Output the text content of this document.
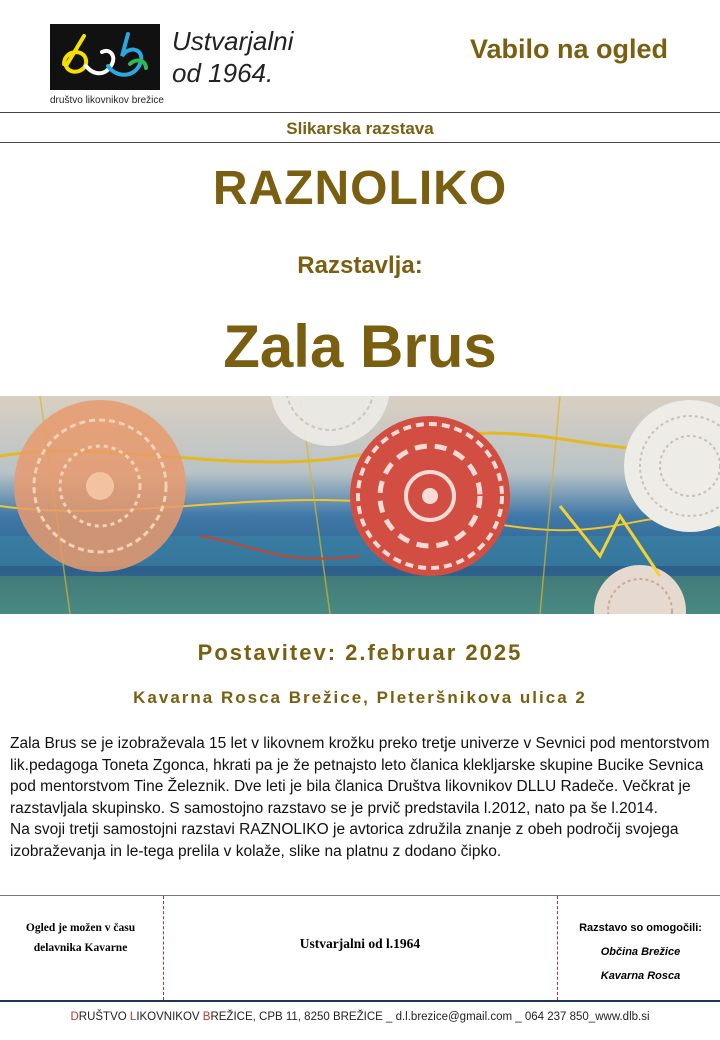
Ustvarjalni
od 1964.
društvo likovnikov brežice
Vabilo na ogled
Slikarska razstava
RAZNOLIKO
Razstavlja:
Zala Brus
Postavitev: 2.februar 2025
Kavarna Rosca Brežice, Pleteršnikova ulica 2

Zala Brus se je izobraževala 15 let v likovnem krožku preko tretje univerze v Sevnici pod mentorstvom lik.pedagoga Toneta Zgonca, hkrati pa je že petnajsto leto članica klekljarske skupine Bucike Sevnica pod mentorstvom Tine Železnik. Dve leti je bila članica Društva likovnikov DLLU Radeče. Večkrat je razstavljala skupinsko. S samostojno razstavo se je prvič predstavila l.2012, nato pa še l.2014.

Na svoji tretji samostojni razstavi RAZNOLIKO je avtorica združila znanje z obeh področij svojega izobraževanja in le-tega prelila v kolaže, slike na platnu z dodano čipko.

Ogled je možen v času
delavnika Kavarne	Ustvarjalni od l.1964
Razstavo so omogočili:
Občina Brežice
Kavarna Rosca
DRUŠTVO LIKOVNIKOV BREŽICE, CPB 11, 8250 BREŽICE _ d.l.brezice@gmail.com _ 064 237 850_www.dlb.si
